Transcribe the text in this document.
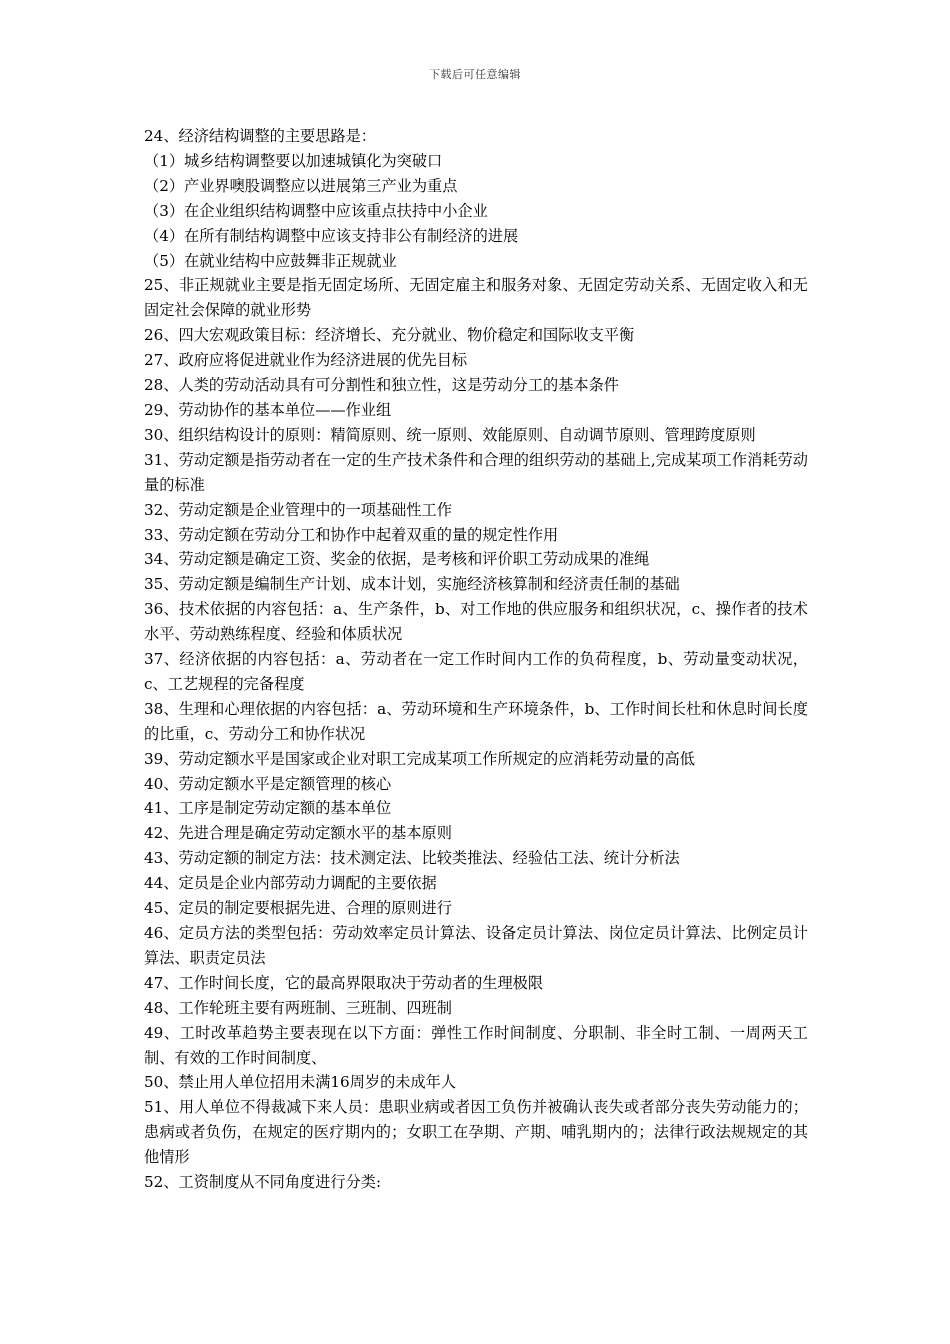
下载后可任意编辑

24、经济结构调整的主要思路是：

（1）城乡结构调整要以加速城镇化为突破口

（2）产业界噢股调整应以进展第三产业为重点

（3）在企业组织结构调整中应该重点扶持中小企业

（4）在所有制结构调整中应该支持非公有制经济的进展

（5）在就业结构中应鼓舞非正规就业

25、非正规就业主要是指无固定场所、无固定雇主和服务对象、无固定劳动关系、无固定收入和无固定社会保障的就业形势

26、四大宏观政策目标：经济增长、充分就业、物价稳定和国际收支平衡

27、政府应将促进就业作为经济进展的优先目标

28、人类的劳动活动具有可分割性和独立性，这是劳动分工的基本条件

29、劳动协作的基本单位——作业组

30、组织结构设计的原则：精简原则、统一原则、效能原则、自动调节原则、管理跨度原则

31、劳动定额是指劳动者在一定的生产技术条件和合理的组织劳动的基础上,完成某项工作消耗劳动量的标准

32、劳动定额是企业管理中的一项基础性工作

33、劳动定额在劳动分工和协作中起着双重的量的规定性作用

34、劳动定额是确定工资、奖金的依据，是考核和评价职工劳动成果的准绳

35、劳动定额是编制生产计划、成本计划，实施经济核算制和经济责任制的基础

36、技术依据的内容包括：a、生产条件，b、对工作地的供应服务和组织状况，c、操作者的技术水平、劳动熟练程度、经验和体质状况

37、经济依据的内容包括：a、劳动者在一定工作时间内工作的负荷程度，b、劳动量变动状况，c、工艺规程的完备程度

38、生理和心理依据的内容包括：a、劳动环境和生产环境条件，b、工作时间长杜和休息时间长度的比重，c、劳动分工和协作状况

39、劳动定额水平是国家或企业对职工完成某项工作所规定的应消耗劳动量的高低

40、劳动定额水平是定额管理的核心

41、工序是制定劳动定额的基本单位

42、先进合理是确定劳动定额水平的基本原则

43、劳动定额的制定方法：技术测定法、比较类推法、经验估工法、统计分析法

44、定员是企业内部劳动力调配的主要依据

45、定员的制定要根据先进、合理的原则进行

46、定员方法的类型包括：劳动效率定员计算法、设备定员计算法、岗位定员计算法、比例定员计算法、职责定员法

47、工作时间长度，它的最高界限取决于劳动者的生理极限

48、工作轮班主要有两班制、三班制、四班制

49、工时改革趋势主要表现在以下方面：弹性工作时间制度、分职制、非全时工制、一周两天工制、有效的工作时间制度、

50、禁止用人单位招用未满16周岁的未成年人

51、用人单位不得裁减下来人员：患职业病或者因工负伤并被确认丧失或者部分丧失劳动能力的；患病或者负伤，在规定的医疗期内的；女职工在孕期、产期、哺乳期内的；法律行政法规规定的其他情形

52、工资制度从不同角度进行分类:
